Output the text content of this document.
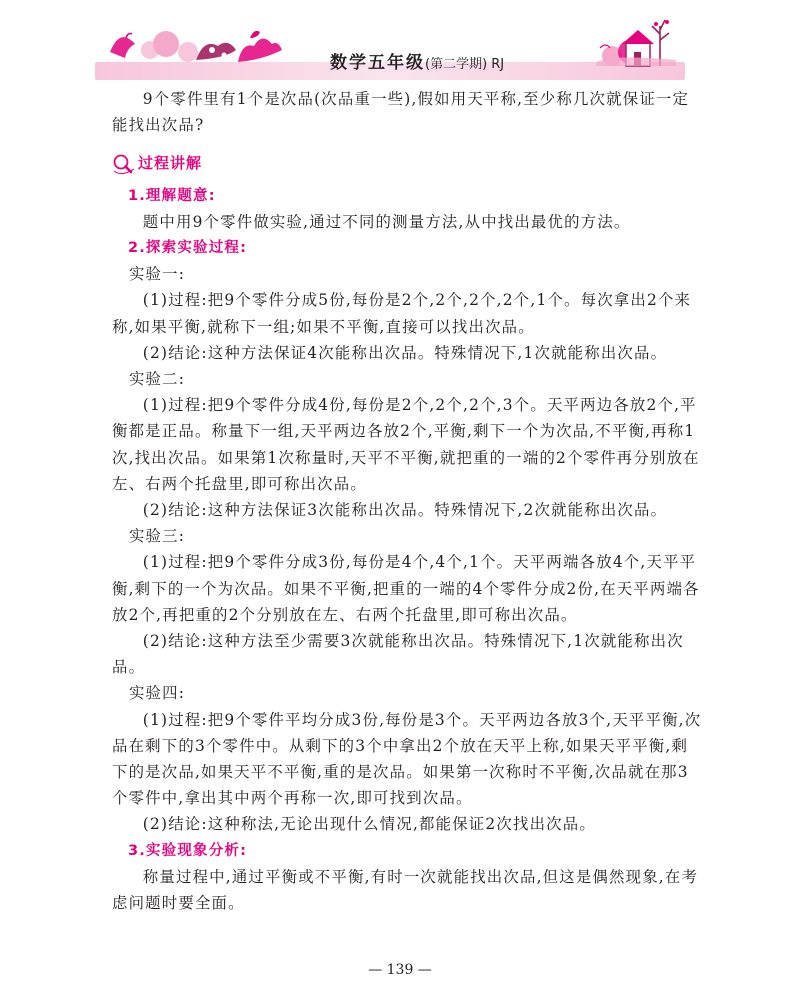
数学五年级(第二学期) RJ

9个零件里有1个是次品(次品重一些),假如用天平称,至少称几次就保证一定能找出次品?

过程讲解

1.理解题意:

题中用9个零件做实验,通过不同的测量方法,从中找出最优的方法。

2.探索实验过程:

实验一:

(1)过程:把9个零件分成5份,每份是2个,2个,2个,2个,1个。每次拿出2个来称,如果平衡,就称下一组;如果不平衡,直接可以找出次品。

(2)结论:这种方法保证4次能称出次品。特殊情况下,1次就能称出次品。

实验二:

(1)过程:把9个零件分成4份,每份是2个,2个,2个,3个。天平两边各放2个,平衡都是正品。称量下一组,天平两边各放2个,平衡,剩下一个为次品,不平衡,再称1次,找出次品。如果第1次称量时,天平不平衡,就把重的一端的2个零件再分别放在左、右两个托盘里,即可称出次品。

(2)结论:这种方法保证3次能称出次品。特殊情况下,2次就能称出次品。

实验三:

(1)过程:把9个零件分成3份,每份是4个,4个,1个。天平两端各放4个,天平平衡,剩下的一个为次品。如果不平衡,把重的一端的4个零件分成2份,在天平两端各放2个,再把重的2个分别放在左、右两个托盘里,即可称出次品。

(2)结论:这种方法至少需要3次就能称出次品。特殊情况下,1次就能称出次品。

实验四:

(1)过程:把9个零件平均分成3份,每份是3个。天平两边各放3个,天平平衡,次品在剩下的3个零件中。从剩下的3个中拿出2个放在天平上称,如果天平平衡,剩下的是次品,如果天平不平衡,重的是次品。如果第一次称时不平衡,次品就在那3个零件中,拿出其中两个再称一次,即可找到次品。

(2)结论:这种称法,无论出现什么情况,都能保证2次找出次品。

3.实验现象分析:

称量过程中,通过平衡或不平衡,有时一次就能找出次品,但这是偶然现象,在考虑问题时要全面。

— 139 —
